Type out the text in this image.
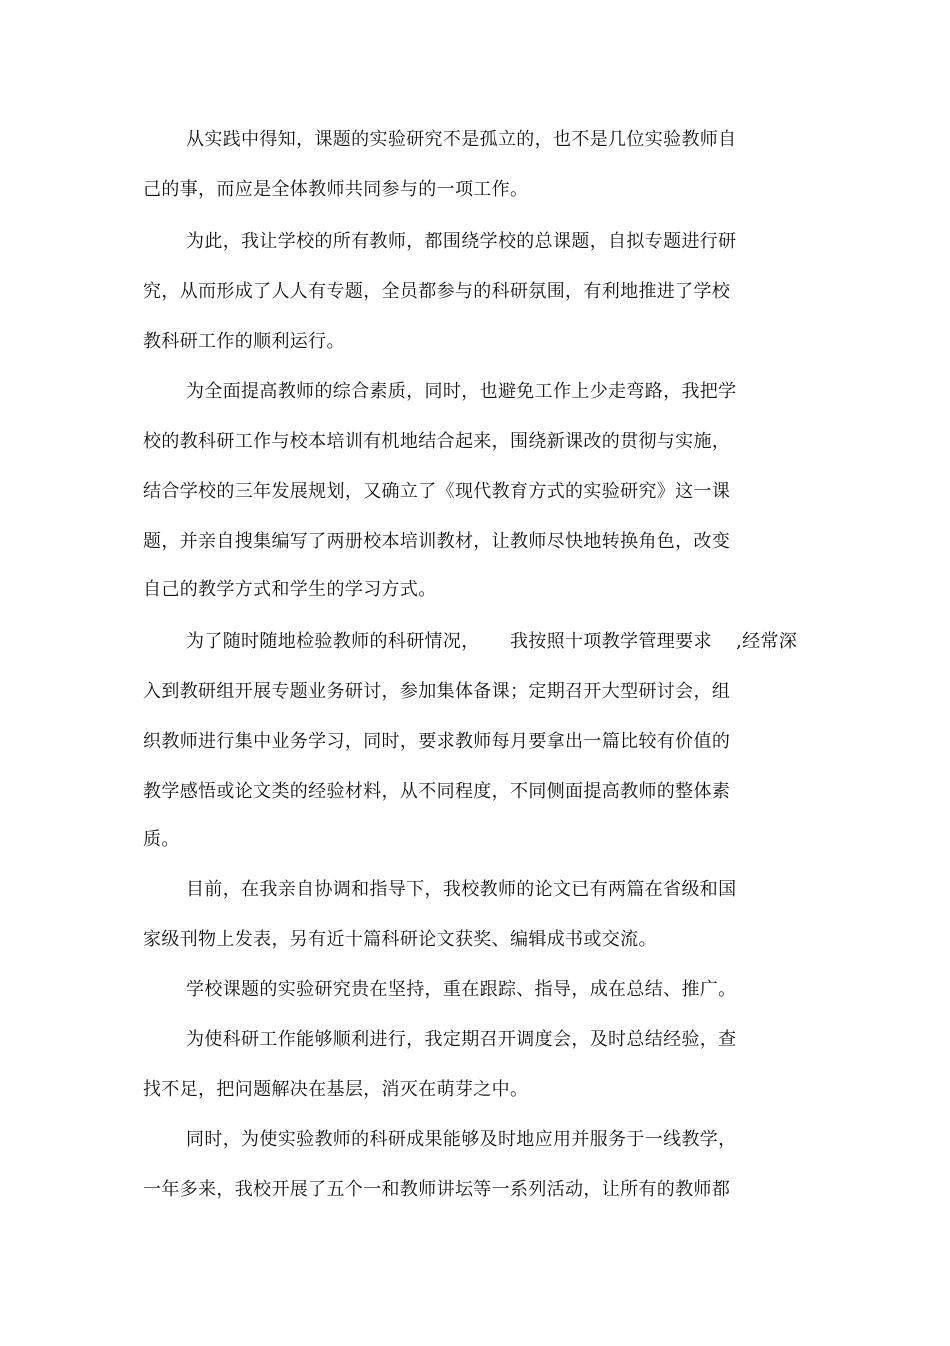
从实践中得知，课题的实验研究不是孤立的，也不是几位实验教师自
己的事，而应是全体教师共同参与的一项工作。
为此，我让学校的所有教师，都围绕学校的总课题，自拟专题进行研
究，从而形成了人人有专题，全员都参与的科研氛围，有利地推进了学校
教科研工作的顺利运行。
为全面提高教师的综合素质，同时，也避免工作上少走弯路，我把学
校的教科研工作与校本培训有机地结合起来，围绕新课改的贯彻与实施，
结合学校的三年发展规划，又确立了《现代教育方式的实验研究》这一课
题，并亲自搜集编写了两册校本培训教材，让教师尽快地转换角色，改变
自己的教学方式和学生的学习方式。
为了随时随地检验教师的科研情况，     我按照十项教学管理要求    ,经常深
入到教研组开展专题业务研讨，参加集体备课；定期召开大型研讨会，组
织教师进行集中业务学习，同时，要求教师每月要拿出一篇比较有价值的
教学感悟或论文类的经验材料，从不同程度，不同侧面提高教师的整体素
质。
目前，在我亲自协调和指导下，我校教师的论文已有两篇在省级和国
家级刊物上发表，另有近十篇科研论文获奖、编辑成书或交流。
学校课题的实验研究贵在坚持，重在跟踪、指导，成在总结、推广。
为使科研工作能够顺利进行，我定期召开调度会，及时总结经验，查
找不足，把问题解决在基层，消灭在萌芽之中。
同时，为使实验教师的科研成果能够及时地应用并服务于一线教学，
一年多来，我校开展了五个一和教师讲坛等一系列活动，让所有的教师都
